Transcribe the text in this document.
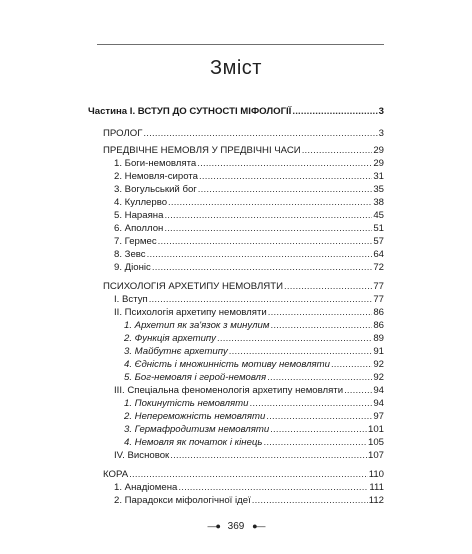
Зміст
Частина І. ВСТУП ДО СУТНОСТІ МІФОЛОГІЇ .....	3
ПРОЛОГ .....	3
ПРЕДВІЧНЕ НЕМОВЛЯ У ПРЕДВІЧНІ ЧАСИ .....	29
1. Боги-немовлята .....	29
2. Немовля-сирота .....	31
3. Вогульський бог .....	35
4. Куллерво .....	38
5. Нараяна .....	45
6. Аполлон .....	51
7. Гермес .....	57
8. Зевс .....	64
9. Діоніс .....	72
ПСИХОЛОГІЯ АРХЕТИПУ НЕМОВЛЯТИ .....	77
I. Вступ .....	77
II. Психологія архетипу немовляти .....	86
1. Архетип як за'язок з минулим .....	86
2. Функція архетипу .....	89
3. Майбутнє архетипу .....	91
4. Єдність і множинність мотиву немовляти .....	92
5. Бог-немовля і герой-немовля .....	92
III. Спеціальна феноменологія архетипу немовляти .....	94
1. Покинутість немовляти .....	94
2. Непереможність немовляти .....	97
3. Гермафродитизм немовляти .....	101
4. Немовля як початок і кінець .....	105
IV. Висновок .....	107
КОРА .....	110
1. Анадіомена .....	111
2. Парадокси міфологічної ідеї .....	112
—● 369 ●—
